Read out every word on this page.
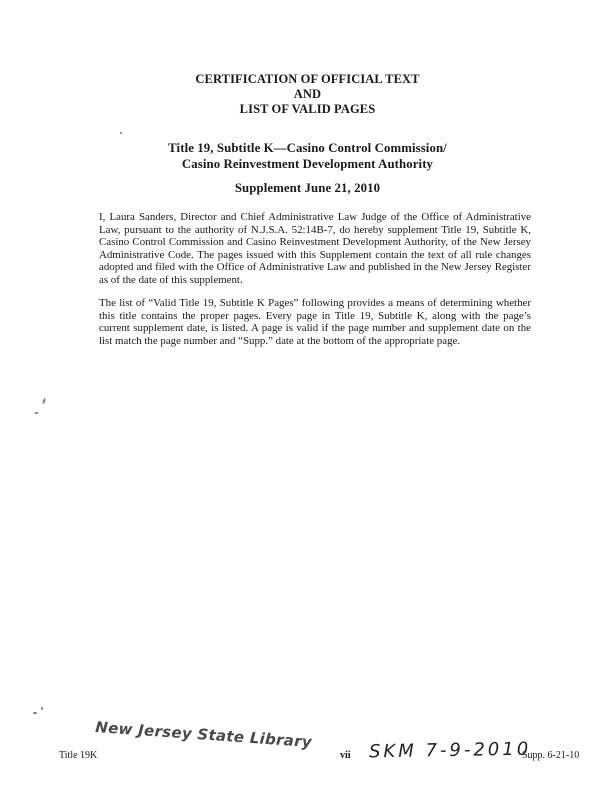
CERTIFICATION OF OFFICIAL TEXT
AND
LIST OF VALID PAGES
Title 19, Subtitle K—Casino Control Commission/
Casino Reinvestment Development Authority
Supplement June 21, 2010
I, Laura Sanders, Director and Chief Administrative Law Judge of the Office of Administrative Law, pursuant to the authority of N.J.S.A. 52:14B-7, do hereby supplement Title 19, Subtitle K, Casino Control Commission and Casino Reinvestment Development Authority, of the New Jersey Administrative Code. The pages issued with this Supplement contain the text of all rule changes adopted and filed with the Office of Administrative Law and published in the New Jersey Register as of the date of this supplement.
The list of “Valid Title 19, Subtitle K Pages” following provides a means of determining whether this title contains the proper pages. Every page in Title 19, Subtitle K, along with the page’s current supplement date, is listed. A page is valid if the page number and supplement date on the list match the page number and “Supp.” date at the bottom of the appropriate page.
New Jersey State Library	SKM 7-9-2010
Title 19K	vii	Supp. 6-21-10
